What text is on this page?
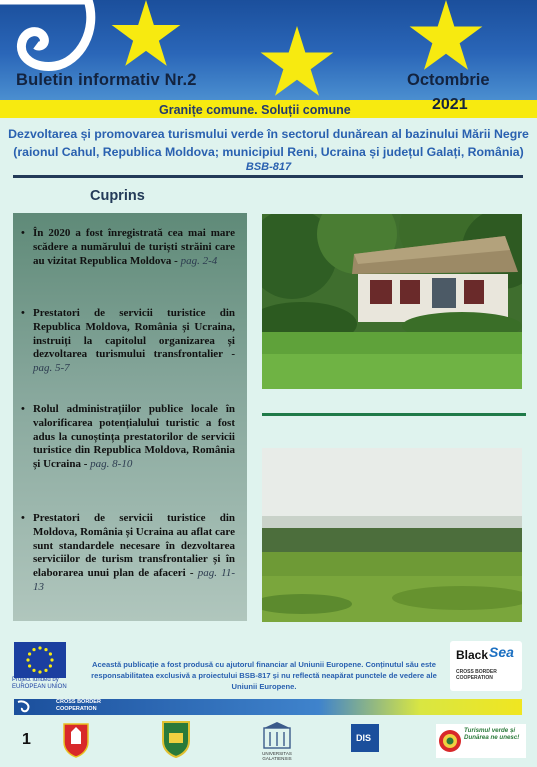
Buletin informativ Nr.2	Octombrie
2021
Granițe comune. Soluții comune
Dezvoltarea și promovarea turismului verde în sectorul dunărean al bazinului Mării Negre
(raionul Cahul, Republica Moldova; municipiul Reni, Ucraina și județul Galați, România)
BSB-817
Cuprins
• În 2020 a fost înregistrată cea mai mare scădere a numărului de turiști străini care au vizitat Republica Moldova - pag. 2-4
• Prestatori de servicii turistice din Republica Moldova, România și Ucraina, instruiți la capitolul organizarea și dezvoltarea turismului transfrontalier - pag. 5-7
• Rolul administrațiilor publice locale în valorificarea potențialului turistic a fost adus la cunoștința prestatorilor de servicii turistice din Republica Moldova, România și Ucraina - pag. 8-10
• Prestatori de servicii turistice din Moldova, România și Ucraina au aflat care sunt standardele necesare în dezvoltarea serviciilor de turism transfrontalier și în elaborarea unui plan de afaceri - pag. 11-13
Project funded by
EUROPEAN UNION
Această publicație a fost produsă cu ajutorul financiar al Uniunii Europene. Conținutul său este responsabilitatea exclusivă a proiectului BSB-817 și nu reflectă neapărat punctele de vedere ale Uniunii Europene.
Black Sea
CROSS BORDER COOPERATION
CROSS BORDER
COOPERATION
1
UNIVERSITAS GALATIENSIS
DIS
Turismul verde și
Dunărea ne unesc!
